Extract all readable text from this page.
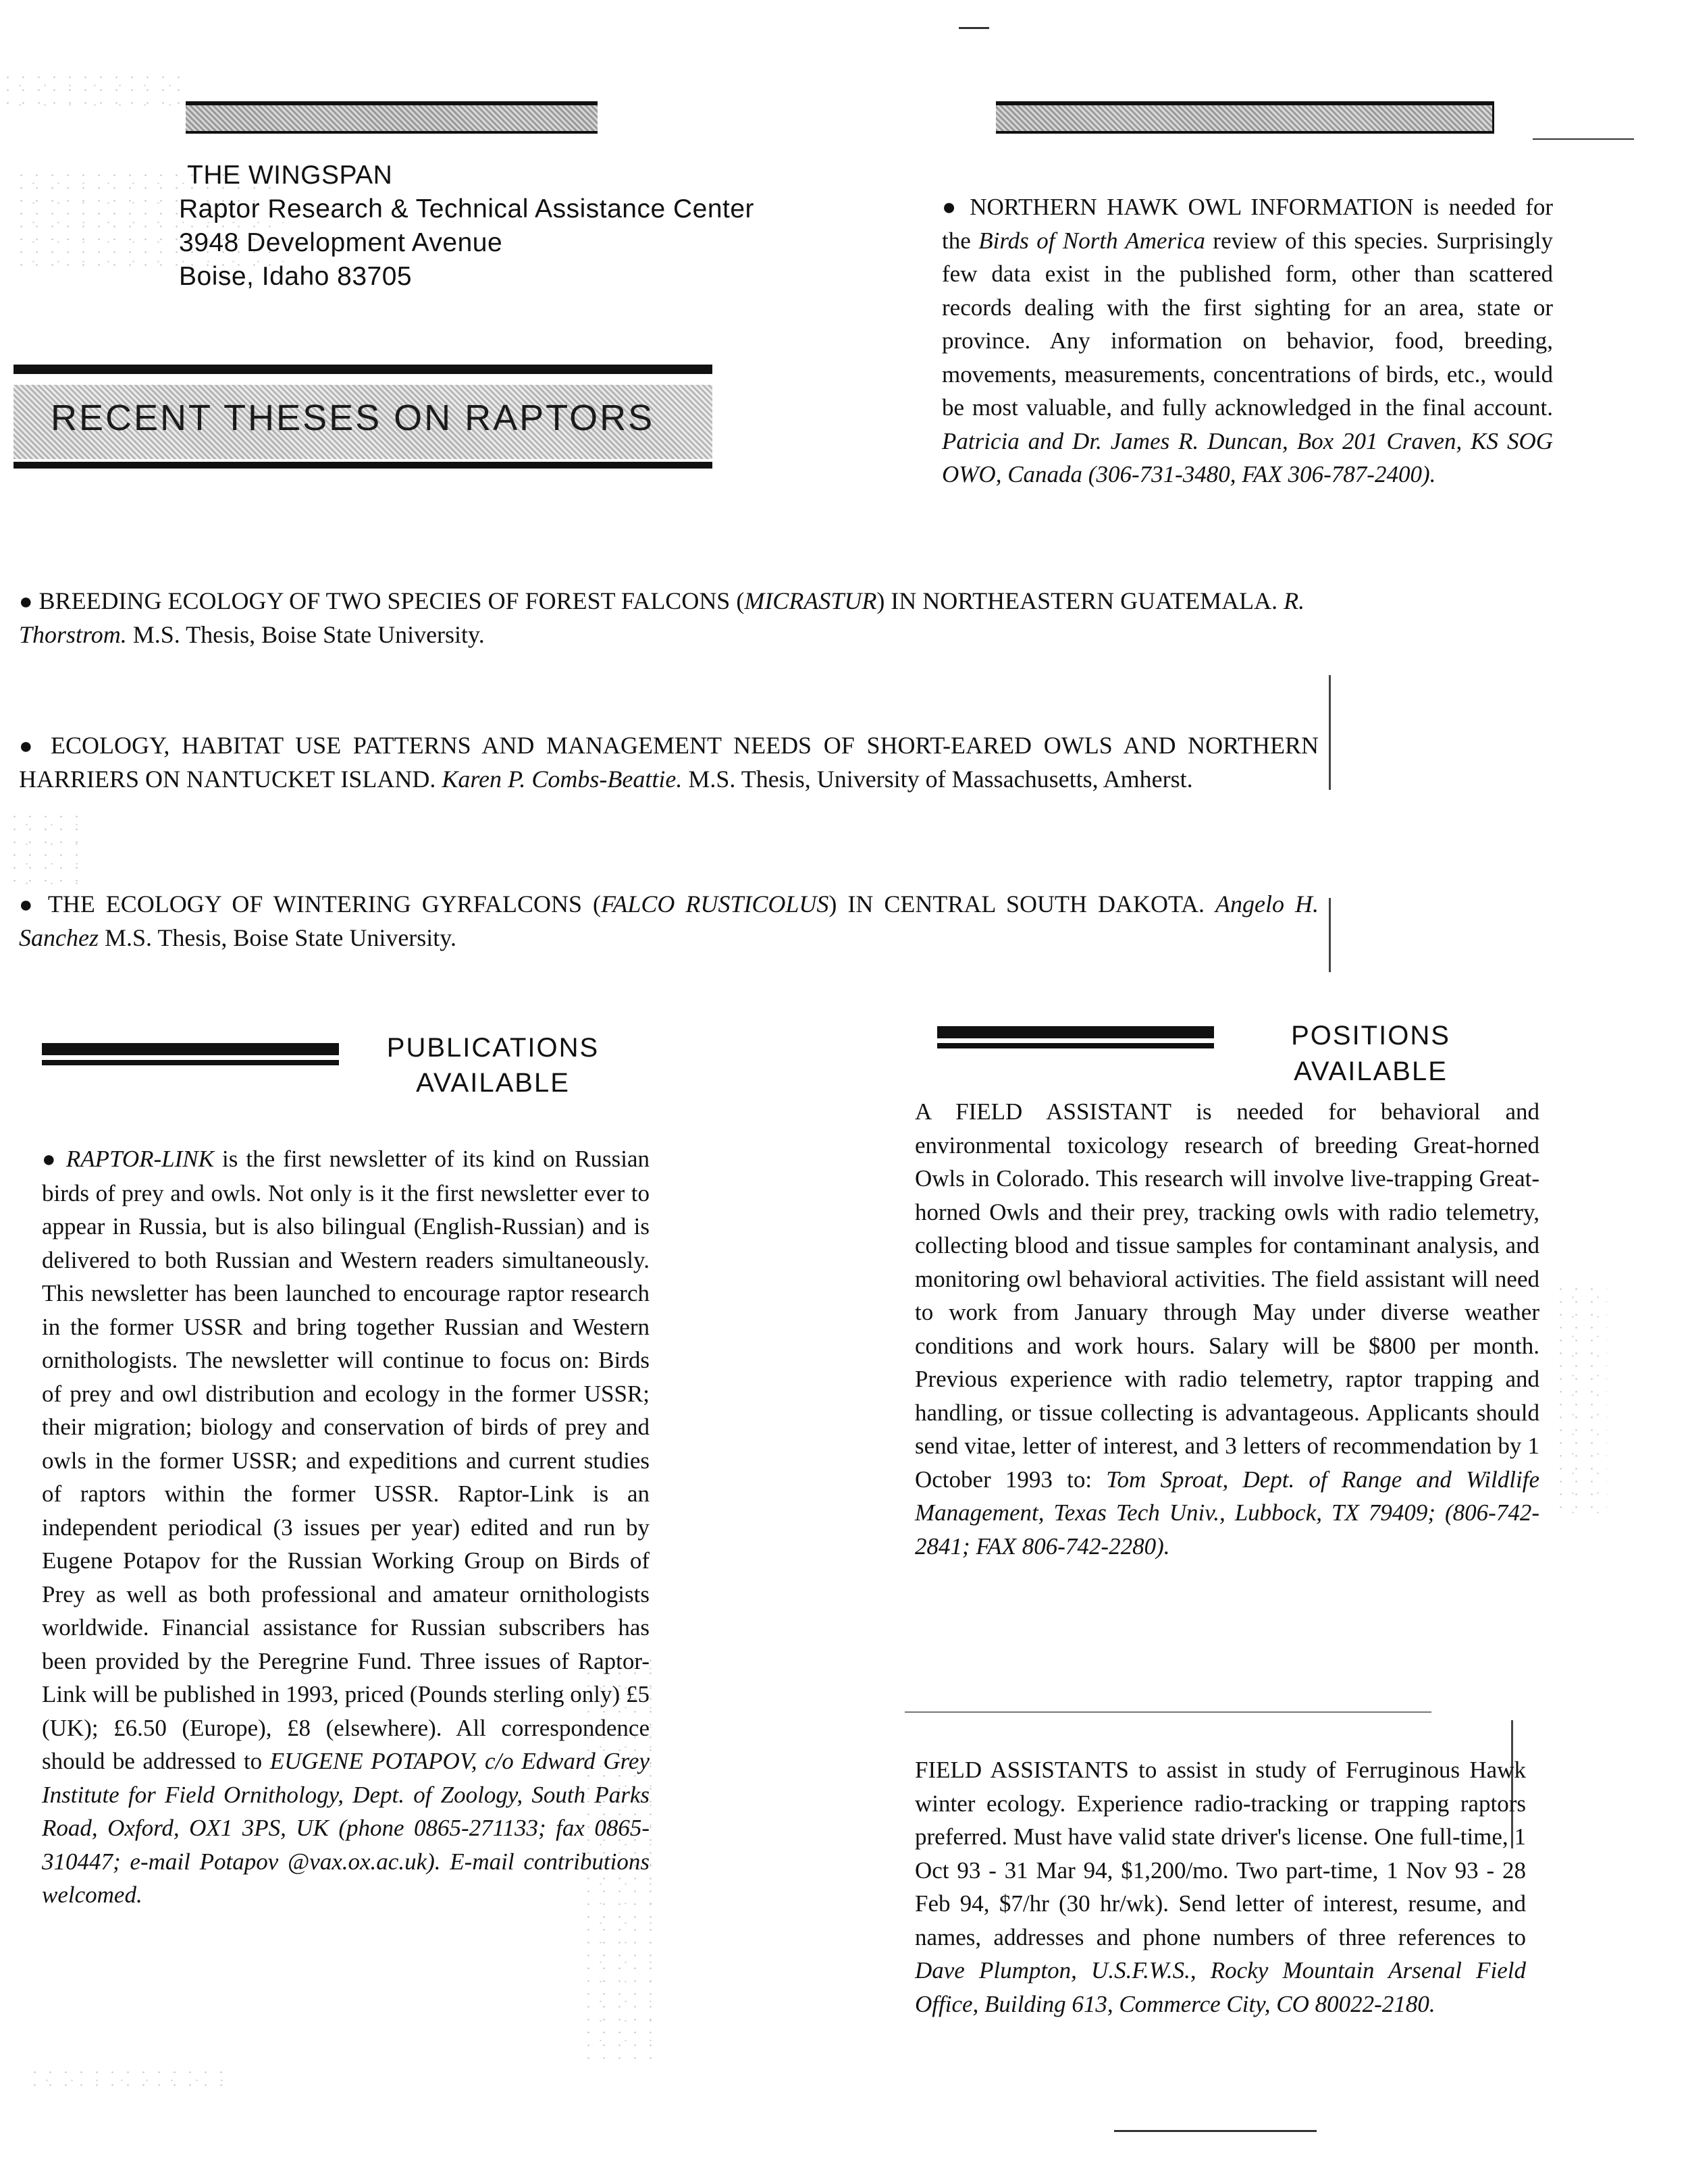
THE WINGSPAN
Raptor Research & Technical Assistance Center
3948 Development Avenue
Boise, Idaho 83705
RECENT THESES ON RAPTORS
● NORTHERN HAWK OWL INFORMATION is needed for the Birds of North America review of this species. Surprisingly few data exist in the published form, other than scattered records dealing with the first sighting for an area, state or province. Any information on behavior, food, breeding, movements, measurements, concentrations of birds, etc., would be most valuable, and fully acknowledged in the final account. Patricia and Dr. James R. Duncan, Box 201 Craven, KS SOG OWO, Canada (306-731-3480, FAX 306-787-2400).
● BREEDING ECOLOGY OF TWO SPECIES OF FOREST FALCONS (MICRASTUR) IN NORTHEASTERN GUATEMALA. R. Thorstrom. M.S. Thesis, Boise State University.
● ECOLOGY, HABITAT USE PATTERNS AND MANAGEMENT NEEDS OF SHORT-EARED OWLS AND NORTHERN HARRIERS ON NANTUCKET ISLAND. Karen P. Combs-Beattie. M.S. Thesis, University of Massachusetts, Amherst.
● THE ECOLOGY OF WINTERING GYRFALCONS (FALCO RUSTICOLUS) IN CENTRAL SOUTH DAKOTA. Angelo H. Sanchez M.S. Thesis, Boise State University.
PUBLICATIONS
AVAILABLE
● RAPTOR-LINK is the first newsletter of its kind on Russian birds of prey and owls. Not only is it the first newsletter ever to appear in Russia, but is also bilingual (English-Russian) and is delivered to both Russian and Western readers simultaneously. This newsletter has been launched to encourage raptor research in the former USSR and bring together Russian and Western ornithologists. The newsletter will continue to focus on: Birds of prey and owl distribution and ecology in the former USSR; their migration; biology and conservation of birds of prey and owls in the former USSR; and expeditions and current studies of raptors within the former USSR. Raptor-Link is an independent periodical (3 issues per year) edited and run by Eugene Potapov for the Russian Working Group on Birds of Prey as well as both professional and amateur ornithologists worldwide. Financial assistance for Russian subscribers has been provided by the Peregrine Fund. Three issues of Raptor-Link will be published in 1993, priced (Pounds sterling only) £5 (UK); £6.50 (Europe), £8 (elsewhere). All correspondence should be addressed to EUGENE POTAPOV, c/o Edward Grey Institute for Field Ornithology, Dept. of Zoology, South Parks Road, Oxford, OX1 3PS, UK (phone 0865-271133; fax 0865-310447; e-mail Potapov @vax.ox.ac.uk). E-mail contributions welcomed.
POSITIONS
AVAILABLE
A FIELD ASSISTANT is needed for behavioral and environmental toxicology research of breeding Great-horned Owls in Colorado. This research will involve live-trapping Great-horned Owls and their prey, tracking owls with radio telemetry, collecting blood and tissue samples for contaminant analysis, and monitoring owl behavioral activities. The field assistant will need to work from January through May under diverse weather conditions and work hours. Salary will be $800 per month. Previous experience with radio telemetry, raptor trapping and handling, or tissue collecting is advantageous. Applicants should send vitae, letter of interest, and 3 letters of recommendation by 1 October 1993 to: Tom Sproat, Dept. of Range and Wildlife Management, Texas Tech Univ., Lubbock, TX 79409; (806-742-2841; FAX 806-742-2280).
FIELD ASSISTANTS to assist in study of Ferruginous Hawk winter ecology. Experience radio-tracking or trapping raptors preferred. Must have valid state driver's license. One full-time, 1 Oct 93 - 31 Mar 94, $1,200/mo. Two part-time, 1 Nov 93 - 28 Feb 94, $7/hr (30 hr/wk). Send letter of interest, resume, and names, addresses and phone numbers of three references to Dave Plumpton, U.S.F.W.S., Rocky Mountain Arsenal Field Office, Building 613, Commerce City, CO 80022-2180.
